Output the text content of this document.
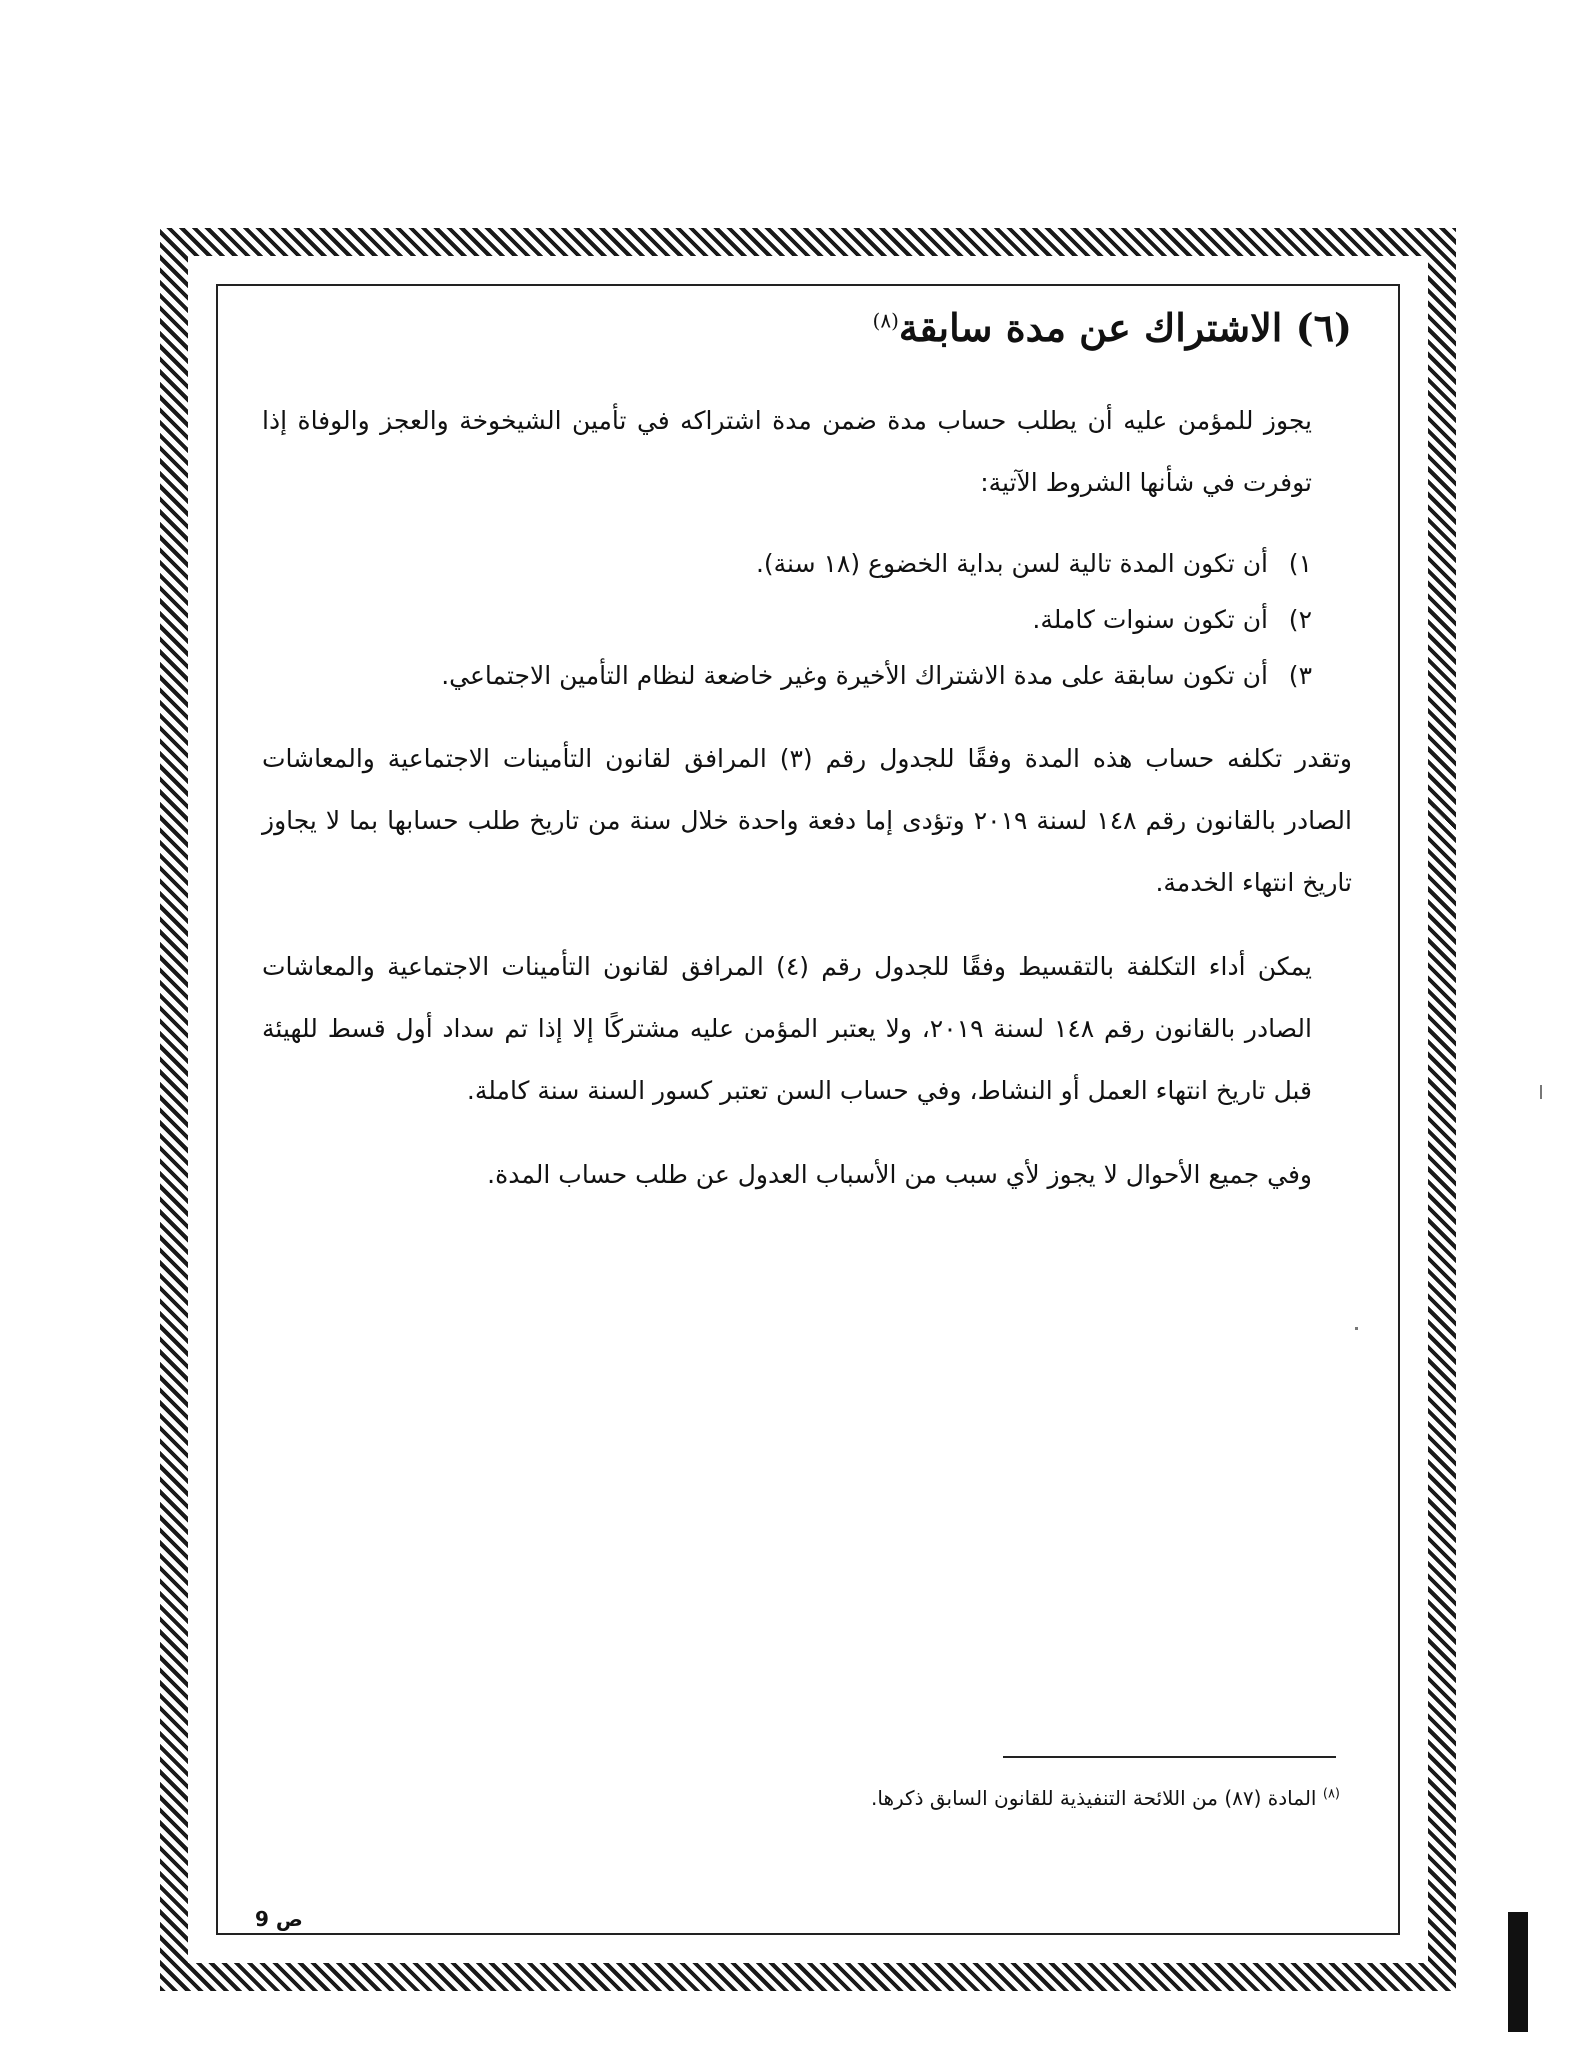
(٦) الاشتراك عن مدة سابقة$^{(٨)}$

يجوز للمؤمن عليه أن يطلب حساب مدة ضمن مدة اشتراكه في تأمين الشيخوخة والعجز والوفاة إذا توفرت في شأنها الشروط الآتية:

١)
أن تكون المدة تالية لسن بداية الخضوع (١٨ سنة).
٢)
أن تكون سنوات كاملة.
٣)
أن تكون سابقة على مدة الاشتراك الأخيرة وغير خاضعة لنظام التأمين الاجتماعي.

وتقدر تكلفه حساب هذه المدة وفقًا للجدول رقم (٣) المرافق لقانون التأمينات الاجتماعية والمعاشات الصادر بالقانون رقم ١٤٨ لسنة ٢٠١٩ وتؤدى إما دفعة واحدة خلال سنة من تاريخ طلب حسابها بما لا يجاوز تاريخ انتهاء الخدمة.

يمكن أداء التكلفة بالتقسيط وفقًا للجدول رقم (٤) المرافق لقانون التأمينات الاجتماعية والمعاشات الصادر بالقانون رقم ١٤٨ لسنة ٢٠١٩، ولا يعتبر المؤمن عليه مشتركًا إلا إذا تم سداد أول قسط للهيئة قبل تاريخ انتهاء العمل أو النشاط، وفي حساب السن تعتبر كسور السنة سنة كاملة.

وفي جميع الأحوال لا يجوز لأي سبب من الأسباب العدول عن طلب حساب المدة.

$^{(٨)}$ المادة (٨٧) من اللائحة التنفيذية للقانون السابق ذكرها.
ص 9
